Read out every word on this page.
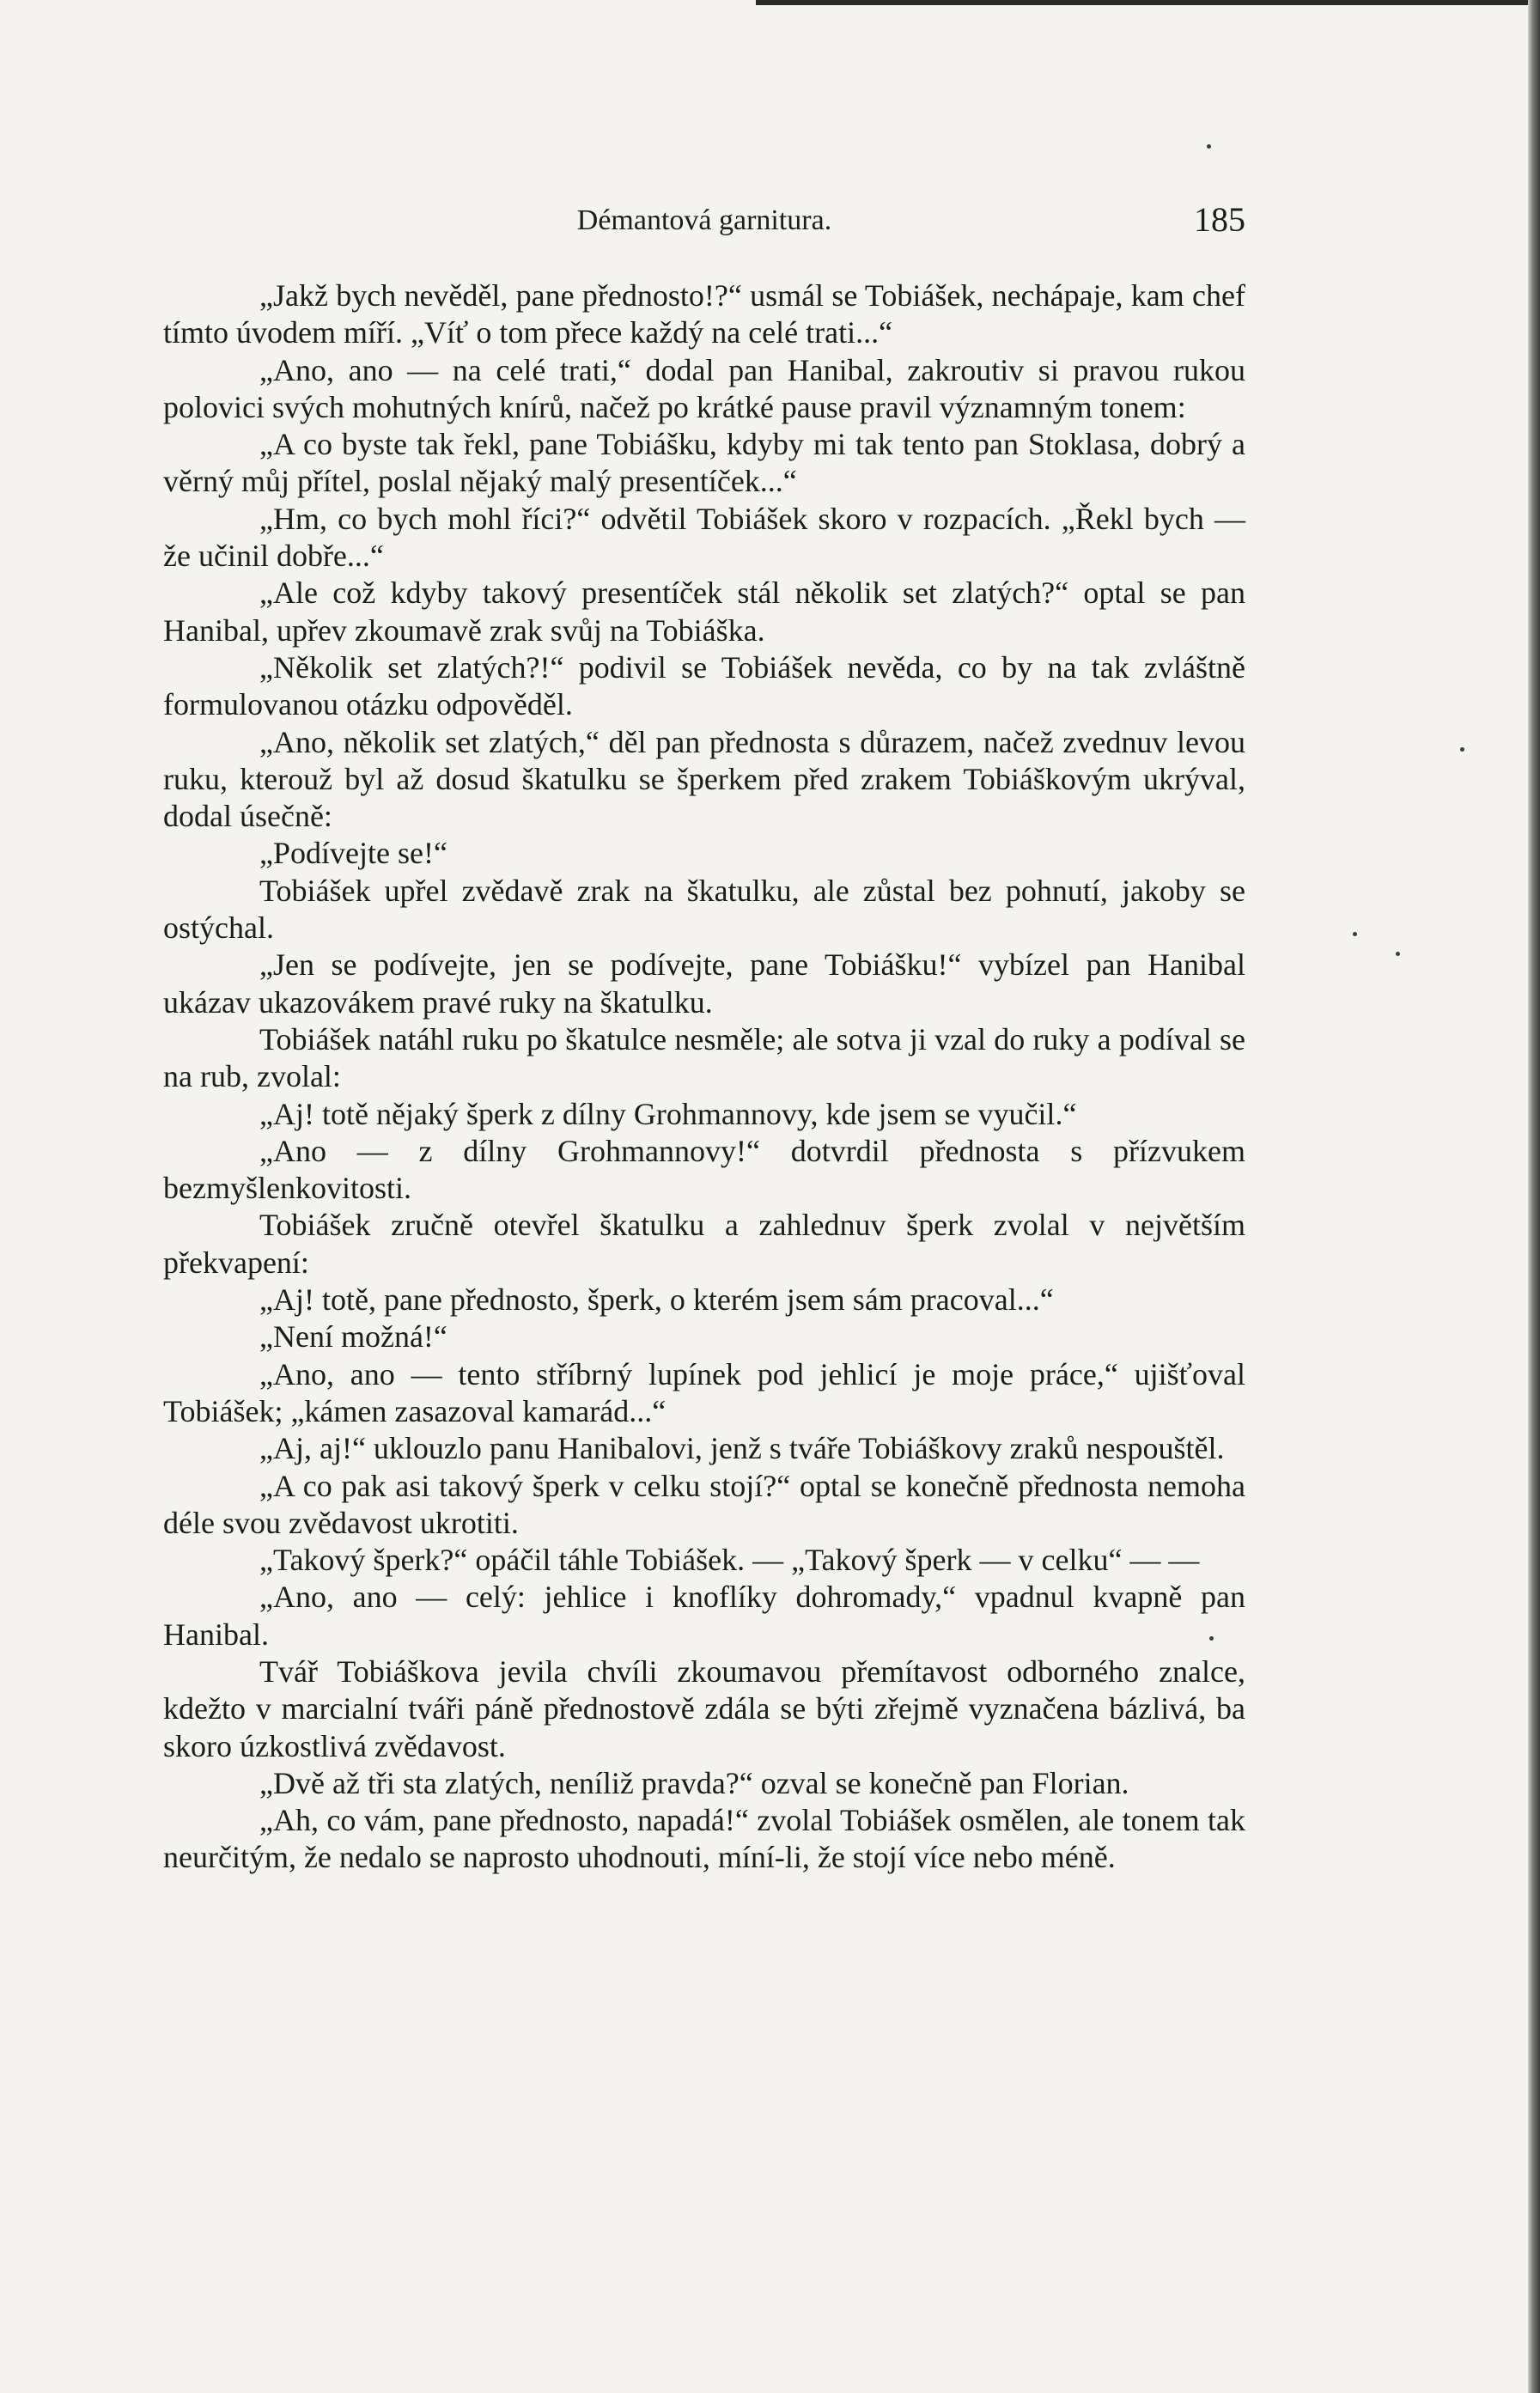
Démantová garnitura.	185

„Jakž bych nevěděl, pane přednosto!?“ usmál se Tobiášek, nechápaje, kam chef tímto úvodem míří. „Víť o tom přece každý na celé trati...“

„Ano, ano — na celé trati,“ dodal pan Hanibal, zakroutiv si pravou rukou polovici svých mohutných knírů, načež po krátké pause pravil významným tonem:

„A co byste tak řekl, pane Tobiášku, kdyby mi tak tento pan Stoklasa, dobrý a věrný můj přítel, poslal nějaký malý presentíček...“

„Hm, co bych mohl říci?“ odvětil Tobiášek skoro v rozpacích. „Řekl bych — že učinil dobře...“

„Ale což kdyby takový presentíček stál několik set zlatých?“ optal se pan Hanibal, upřev zkoumavě zrak svůj na Tobiáška.

„Několik set zlatých?!“ podivil se Tobiášek nevěda, co by na tak zvláštně formulovanou otázku odpověděl.

„Ano, několik set zlatých,“ děl pan přednosta s důrazem, načež zvednuv levou ruku, kterouž byl až dosud škatulku se šperkem před zrakem Tobiáškovým ukrýval, dodal úsečně:

„Podívejte se!“

Tobiášek upřel zvědavě zrak na škatulku, ale zůstal bez pohnutí, jakoby se ostýchal.

„Jen se podívejte, jen se podívejte, pane Tobiášku!“ vybízel pan Hanibal ukázav ukazovákem pravé ruky na škatulku.

Tobiášek natáhl ruku po škatulce nesměle; ale sotva ji vzal do ruky a podíval se na rub, zvolal:

„Aj! totě nějaký šperk z dílny Grohmannovy, kde jsem se vyučil.“

„Ano — z dílny Grohmannovy!“ dotvrdil přednosta s přízvukem bezmyšlenkovitosti.

Tobiášek zručně otevřel škatulku a zahlednuv šperk zvolal v největším překvapení:

„Aj! totě, pane přednosto, šperk, o kterém jsem sám pracoval...“

„Není možná!“

„Ano, ano — tento stříbrný lupínek pod jehlicí je moje práce,“ ujišťoval Tobiášek; „kámen zasazoval kamarád...“

„Aj, aj!“ uklouzlo panu Hanibalovi, jenž s tváře Tobiáškovy zraků nespouštěl.

„A co pak asi takový šperk v celku stojí?“ optal se konečně přednosta nemoha déle svou zvědavost ukrotiti.

„Takový šperk?“ opáčil táhle Tobiášek. — „Takový šperk — v celku“ — —

„Ano, ano — celý: jehlice i knoflíky dohromady,“ vpadnul kvapně pan Hanibal.

Tvář Tobiáškova jevila chvíli zkoumavou přemítavost odborného znalce, kdežto v marcialní tváři páně přednostově zdála se býti zřejmě vyznačena bázlivá, ba skoro úzkostlivá zvědavost.

„Dvě až tři sta zlatých, neníliž pravda?“ ozval se konečně pan Florian.

„Ah, co vám, pane přednosto, napadá!“ zvolal Tobiášek osmělen, ale tonem tak neurčitým, že nedalo se naprosto uhodnouti, míní-li, že stojí více nebo méně.
